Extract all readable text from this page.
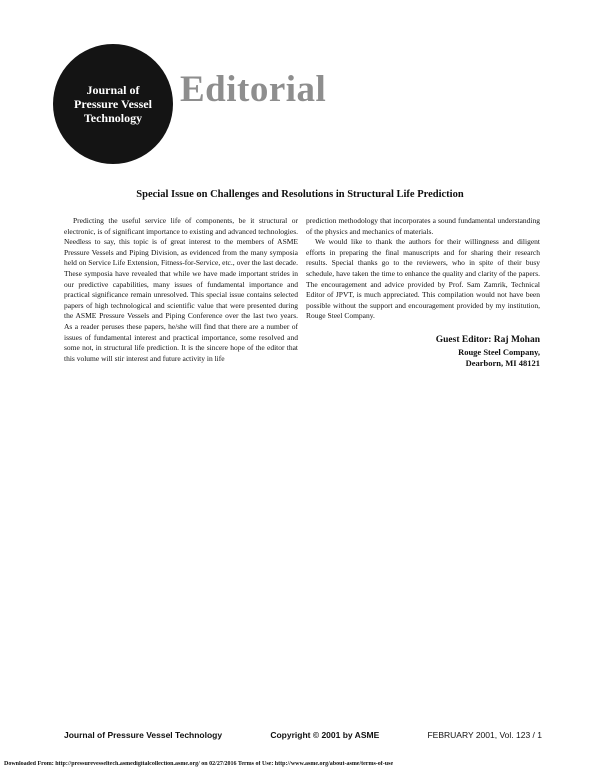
Journal of
Pressure Vessel
Technology
Editorial
Special Issue on Challenges and Resolutions in Structural Life Prediction

Predicting the useful service life of components, be it structural or electronic, is of significant importance to existing and advanced technologies. Needless to say, this topic is of great interest to the members of ASME Pressure Vessels and Piping Division, as evidenced from the many symposia held on Service Life Extension, Fitness-for-Service, etc., over the last decade. These symposia have revealed that while we have made important strides in our predictive capabilities, many issues of fundamental importance and practical significance remain unresolved. This special issue contains selected papers of high technological and scientific value that were presented during the ASME Pressure Vessels and Piping Conference over the last two years. As a reader peruses these papers, he/she will find that there are a number of issues of fundamental interest and practical importance, some resolved and some not, in structural life prediction. It is the sincere hope of the editor that this volume will stir interest and future activity in life

prediction methodology that incorporates a sound fundamental understanding of the physics and mechanics of materials.

We would like to thank the authors for their willingness and diligent efforts in preparing the final manuscripts and for sharing their research results. Special thanks go to the reviewers, who in spite of their busy schedule, have taken the time to enhance the quality and clarity of the papers. The encouragement and advice provided by Prof. Sam Zamrik, Technical Editor of JPVT, is much appreciated. This compilation would not have been possible without the support and encouragement provided by my institution, Rouge Steel Company.

Guest Editor: Raj Mohan
Rouge Steel Company,
Dearborn, MI 48121
Journal of Pressure Vessel Technology	Copyright © 2001 by ASME	FEBRUARY 2001, Vol. 123 / 1
Downloaded From: http://pressurevesseltech.asmedigitalcollection.asme.org/ on 02/27/2016 Terms of Use: http://www.asme.org/about-asme/terms-of-use
